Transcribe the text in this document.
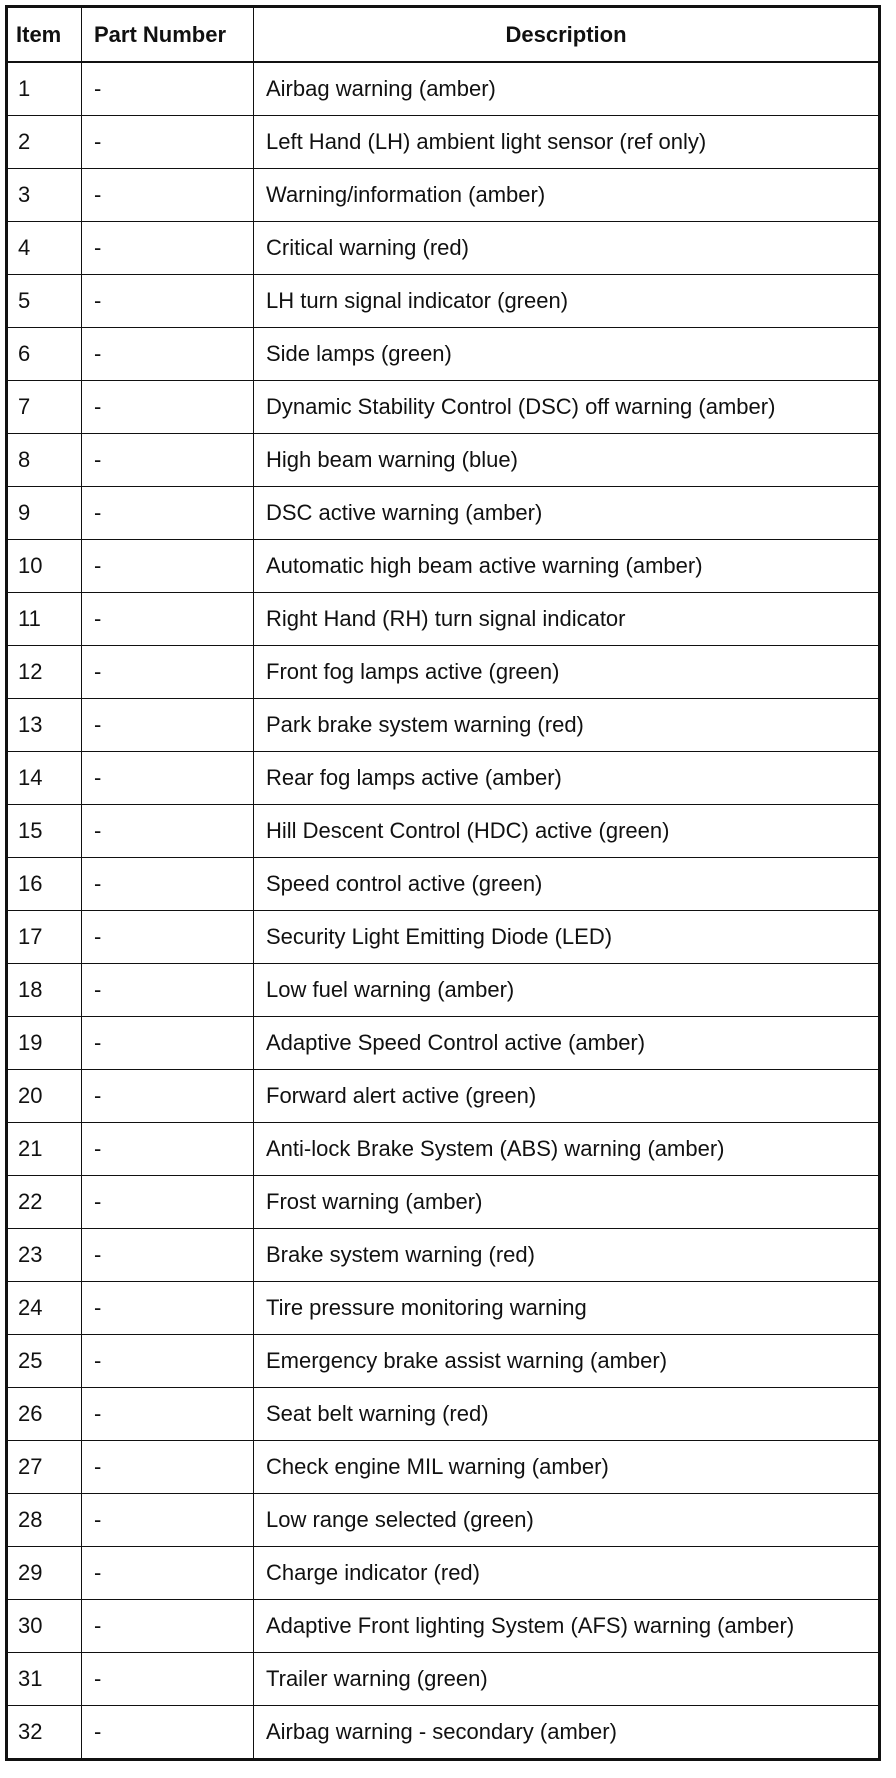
Item	Part Number	Description
1	-	Airbag warning (amber)
2	-	Left Hand (LH) ambient light sensor (ref only)
3	-	Warning/information (amber)
4	-	Critical warning (red)
5	-	LH turn signal indicator (green)
6	-	Side lamps (green)
7	-	Dynamic Stability Control (DSC) off warning (amber)
8	-	High beam warning (blue)
9	-	DSC active warning (amber)
10	-	Automatic high beam active warning (amber)
11	-	Right Hand (RH) turn signal indicator
12	-	Front fog lamps active (green)
13	-	Park brake system warning (red)
14	-	Rear fog lamps active (amber)
15	-	Hill Descent Control (HDC) active (green)
16	-	Speed control active (green)
17	-	Security Light Emitting Diode (LED)
18	-	Low fuel warning (amber)
19	-	Adaptive Speed Control active (amber)
20	-	Forward alert active (green)
21	-	Anti-lock Brake System (ABS) warning (amber)
22	-	Frost warning (amber)
23	-	Brake system warning (red)
24	-	Tire pressure monitoring warning
25	-	Emergency brake assist warning (amber)
26	-	Seat belt warning (red)
27	-	Check engine MIL warning (amber)
28	-	Low range selected (green)
29	-	Charge indicator (red)
30	-	Adaptive Front lighting System (AFS) warning (amber)
31	-	Trailer warning (green)
32	-	Airbag warning - secondary (amber)
